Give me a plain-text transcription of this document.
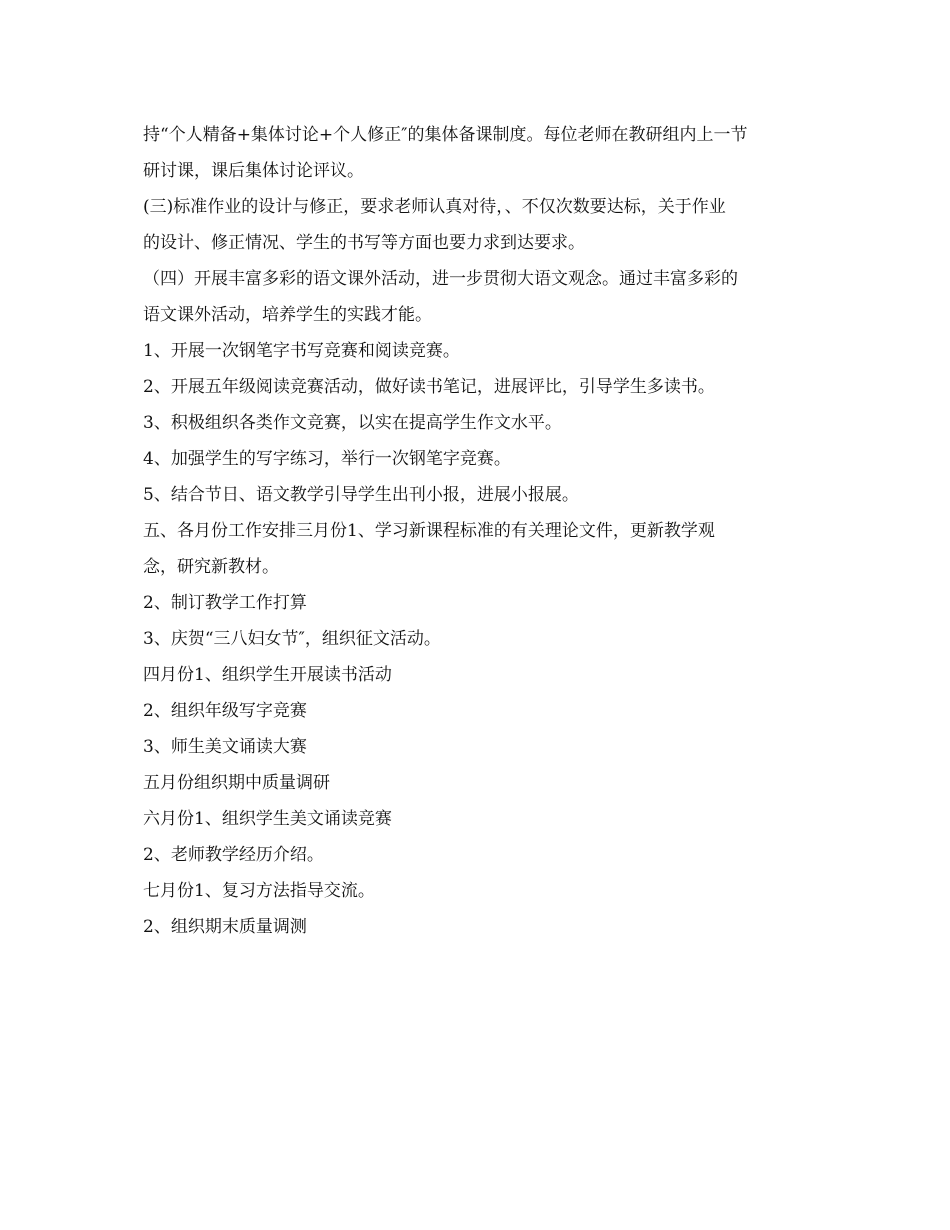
持“个人精备+集体讨论+个人修正″的集体备课制度。每位老师在教研组内上一节

研讨课，课后集体讨论评议。

(三)标准作业的设计与修正，要求老师认真对待，、不仅次数要达标，关于作业

的设计、修正情况、学生的书写等方面也要力求到达要求。

（四）开展丰富多彩的语文课外活动，进一步贯彻大语文观念。通过丰富多彩的

语文课外活动，培养学生的实践才能。

1、开展一次钢笔字书写竞赛和阅读竞赛。

2、开展五年级阅读竞赛活动，做好读书笔记，进展评比，引导学生多读书。

3、积极组织各类作文竞赛，以实在提高学生作文水平。

4、加强学生的写字练习，举行一次钢笔字竞赛。

5、结合节日、语文教学引导学生出刊小报，进展小报展。

五、各月份工作安排三月份1、学习新课程标准的有关理论文件，更新教学观

念，研究新教材。

2、制订教学工作打算

3、庆贺“三八妇女节″，组织征文活动。

四月份1、组织学生开展读书活动

2、组织年级写字竞赛

3、师生美文诵读大赛

五月份组织期中质量调研

六月份1、组织学生美文诵读竞赛

2、老师教学经历介绍。

七月份1、复习方法指导交流。

2、组织期末质量调测
